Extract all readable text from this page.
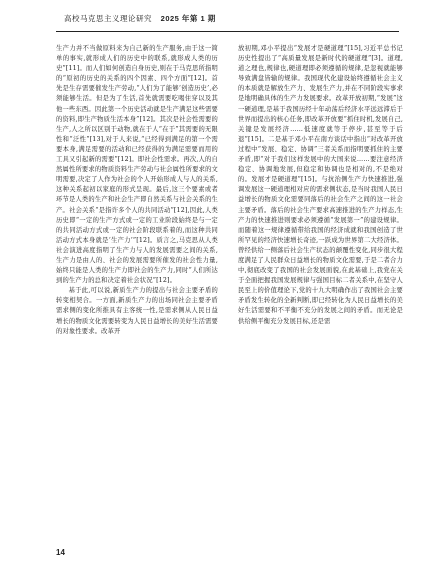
高校马克思主义理论研究 2025 年第 1 期

生产力并不当做原料来为自己新的生产服务,由于这一简单的事实,就形成人们的历史中的联系,就形成人类的历史”[11]。而人们如何创造自身历史,则在于马克思所指明的“原初的历史的关系的四个因素、四个方面”[12]。首先是生存需要催发生产劳动,“人们为了能够‘创造历史’,必须能够生活。但是为了生活,首先就需要吃喝住穿以及其他一些东西。因此第一个历史活动就是生产满足这些需要的资料,即生产物质生活本身”[12]。其次是社会性需要的生产,人之所以区别于动物,就在于人“在于”其需要的无限性和“泛性”[13],对于人来说,“已经得到满足的第一个需要本身,满足需要的活动和已经获得的为满足需要而用的工具又引起新的需要”[12]。即社会性需求。再次,人的自然属性所要求的物质资料生产劳动与社会属性所要求的文明需要,决定了人作为社会的个人开始形成人与人的关系,这种关系起初以家庭的形式呈现。最后,这三个要素或者环节是人类的生产和社会生产即自然关系与社会关系的生产。社会关系“是指许多个人的共同活动”[12],因此,人类历史即“一定的生产方式或一定的工业阶段始终是与一定的共同活动方式或一定的社会阶段联系着的,而这种共同活动方式本身就是‘生产力’”[12]。质言之,马克思从人类社会演进高度指明了生产力与人的发展需要之间的关系,生产力是由人的、社会的发展需要所催发的社会性力量,始终只能是人类的生产力即社会的生产力,同时“人们所达到的生产力的总和决定着社会状况”[12]。

基于此,可以说,新质生产力的提出与社会主要矛盾的转变相契合。一方面,新质生产力的出场同社会主要矛盾需求侧的变化所推具有主客统一性,是需求侧从人民日益增长的物质文化需要转变为人民日益增长的美好生活需要的对象性要求。改革开

放初期,邓小平提出“发展才是硬道理”[15],习近平总书记历史性提出了“高质量发展是新时代的硬道理”[3]。道理,道之理也,规律也,硬道理即必须遵循的规律,是忽视就能够导致满盘皆输的规律。我国现代化建设始终遵循社会主义的本质就是解放生产力、发展生产力,并在不同阶段实事求是地明确具体的生产力发展要求。改革开放初期,“发展”这一硬道理,是基于我国历经十年动荡后经济水平远远滞后于世界而提出的核心任务,即改革开放要“抓住时机,发展自己,关键是发展经济……低速度就等于停步,甚至等于后退”[15]。二是基于邓小平在南方谈话中指出“对改革开放过程中“发展、稳定、协调”三者关系而指明要抓住的主要矛盾,即“对于我们这样发展中的大国来说……要注意经济稳定、协调地发展,但稳定和协调也是相对的,不是绝对的。发展才是硬道理”[15]。与抗治侧生产力快速推进,强调发展这一硬道理相对应的需求侧状态,是当时我国人民日益增长的物质文化需要同落后的社会生产之间的这一社会主要矛盾。落后的社会生产要求高速推进的生产力样态,生产力的快速推进则要求必须遵循“发展第一”的建设规律。而随着这一规律遵循带给我国的经济成就和我国创造了世所罕见的经济快速增长奇迹,一跃成为世界第二大经济体。曾经供给一侧落后社会生产状态的颠覆性变化,同步很大程度满足了人民群众日益增长的物质文化需要,于是二者合力中,彻底改变了我国的社会发展面貌,在此基础上,我党在关于全面把握我国发展规律与强国目标二者关系中,在坚守人民至上的价值理论下,党的十九大明确作出了我国社会主要矛盾发生转化的全新判断,即已经转化为人民日益增长的美好生活需要和不平衡不充分的发展之间的矛盾。而无论是供给侧平衡充分发展目标,还是需

14
